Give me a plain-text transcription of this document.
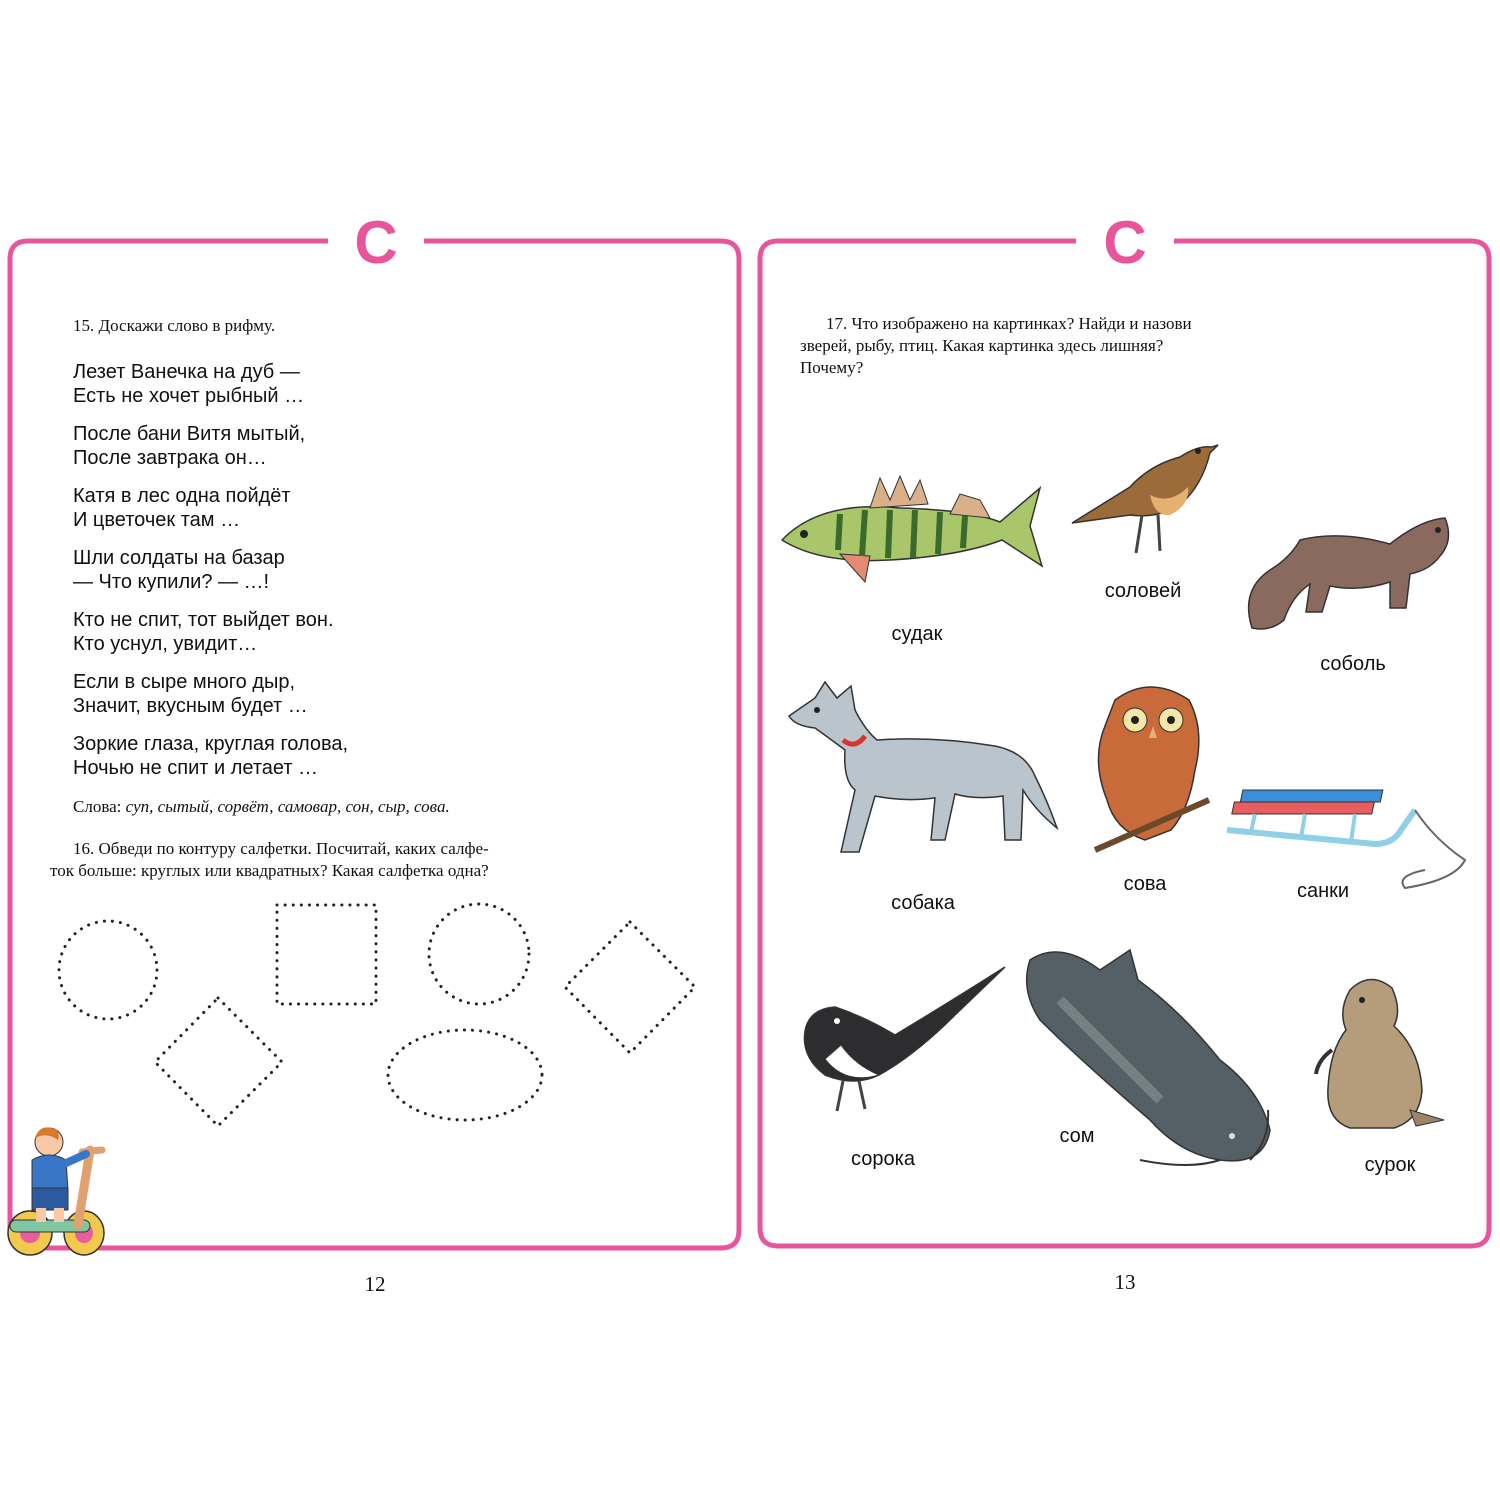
С	С
15. Доскажи слово в рифму.
Лезет Ванечка на дуб —
Есть не хочет рыбный …
После бани Витя мытый,
После завтрака он…
Катя в лес одна пойдёт
И цветочек там …
Шли солдаты на базар
— Что купили? — …!
Кто не спит, тот выйдет вон.
Кто уснул, увидит…
Если в сыре много дыр,
Значит, вкусным будет …
Зоркие глаза, круглая голова,
Ночью не спит и летает …
Слова: суп, сытый, сорвёт, самовар, сон, сыр, сова.
16. Обведи по контуру салфетки. Посчитай, каких салфе-
ток больше: круглых или квадратных? Какая салфетка одна?
12
17. Что изображено на картинках? Найди и назови
зверей, рыбу, птиц. Какая картинка здесь лишняя?
Почему?
судак
соловей
соболь
собака
сова	санки
сорока
сом
сурок
13
